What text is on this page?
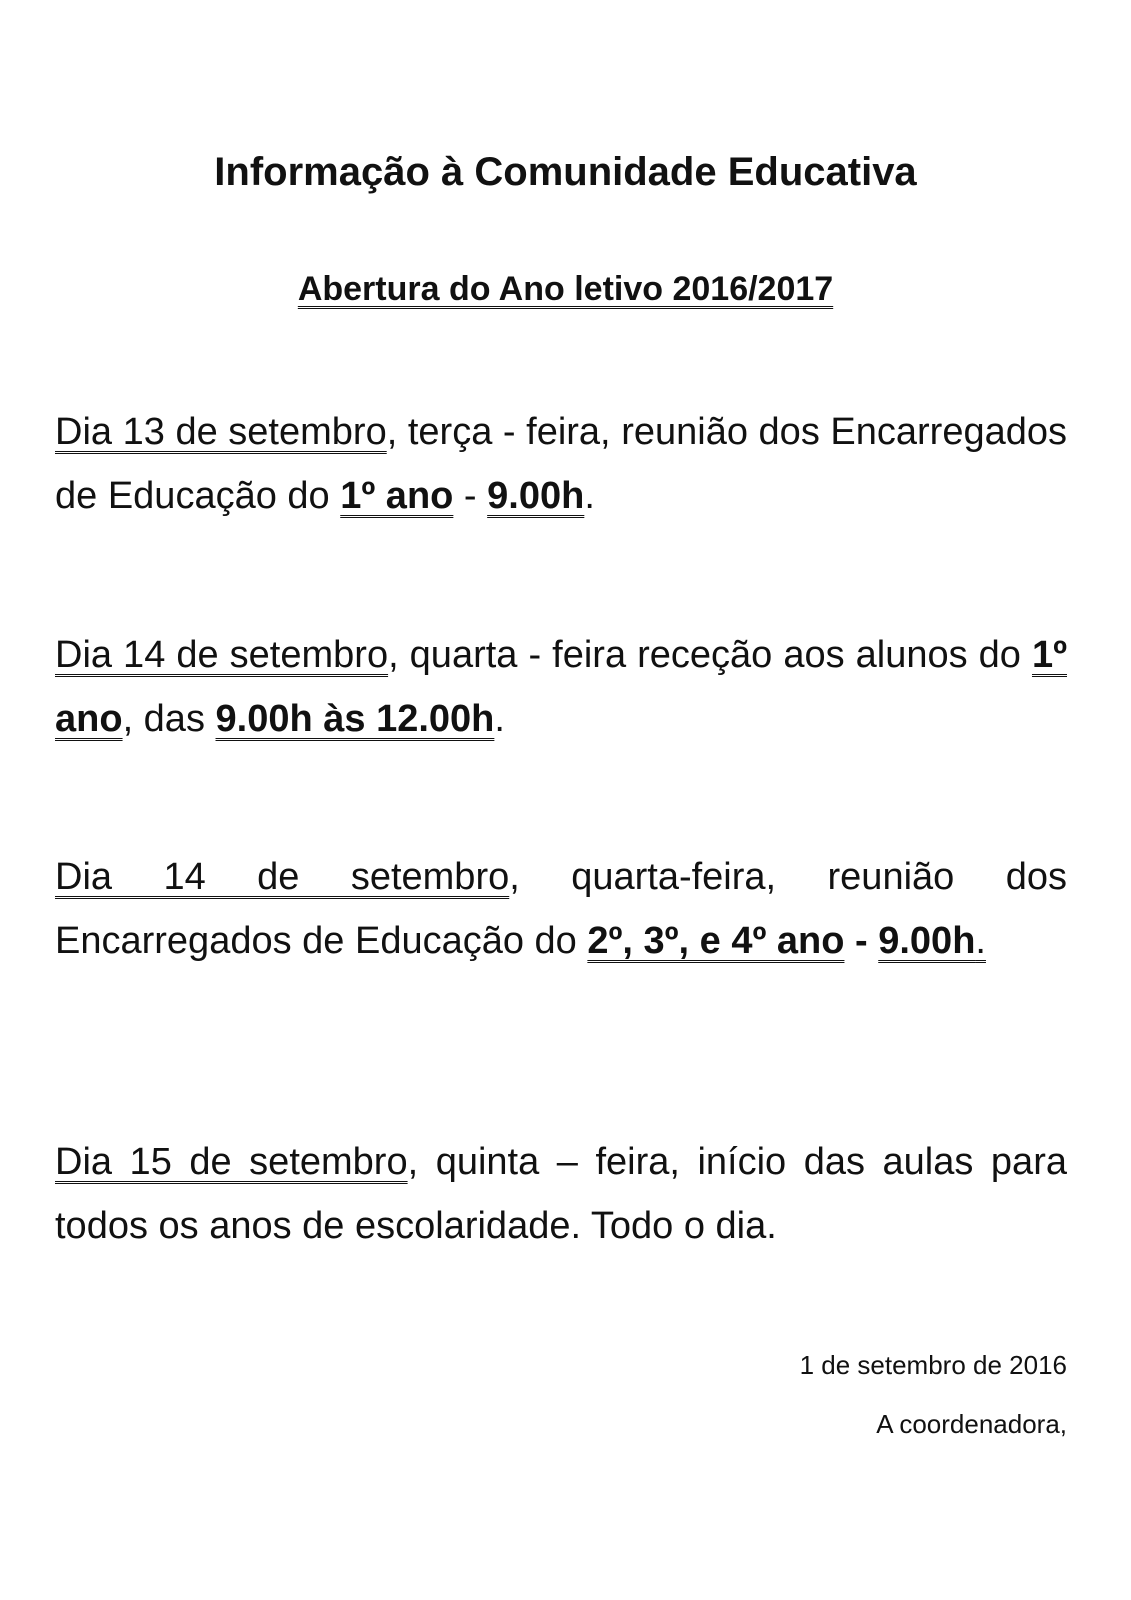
Informação à Comunidade Educativa
Abertura do Ano letivo 2016/2017

Dia 13 de setembro, terça - feira, reunião dos Encarregados de Educação do 1º ano - 9.00h.

Dia 14 de setembro, quarta - feira receção aos alunos do 1º ano, das 9.00h às 12.00h.

Dia 14 de setembro, quarta-feira, reunião dos Encarregados de Educação do 2º, 3º, e 4º ano - 9.00h.

Dia 15 de setembro, quinta – feira, início das aulas para todos os anos de escolaridade. Todo o dia.

1 de setembro de 2016

A coordenadora,
